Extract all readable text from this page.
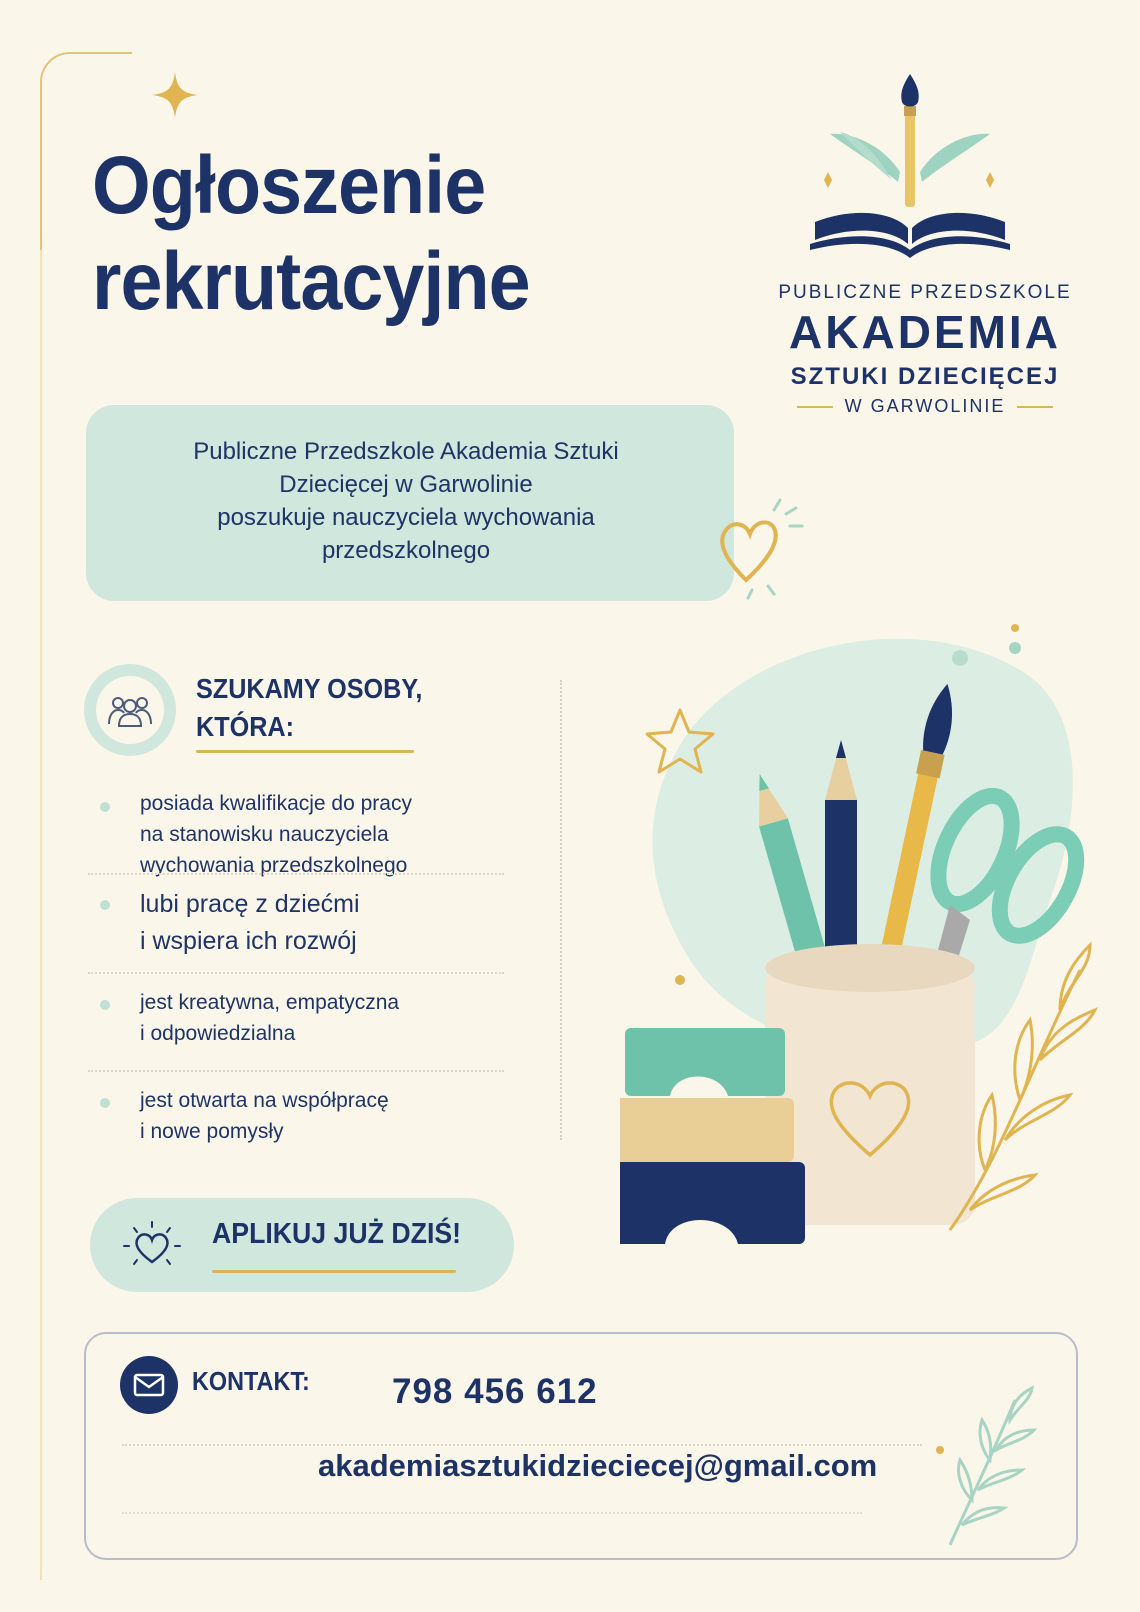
Ogłoszenie
rekrutacyjne	PUBLICZNE PRZEDSZKOLE
AKADEMIA
SZTUKI DZIECIĘCEJ
W GARWOLINIE
Publiczne Przedszkole Akademia Sztuki
Dziecięcej w Garwolinie
poszukuje nauczyciela wychowania
przedszkolnego
SZUKAMY OSOBY,
KTÓRA:
posiada kwalifikacje do pracy
na stanowisku nauczyciela
wychowania przedszkolnego
lubi pracę z dziećmi
i wspiera ich rozwój
jest kreatywna, empatyczna
i odpowiedzialna
jest otwarta na współpracę
i nowe pomysły
APLIKUJ JUŻ DZIŚ!
KONTAKT: 798 456 612
akademiasztukidzieciecej@gmail.com
